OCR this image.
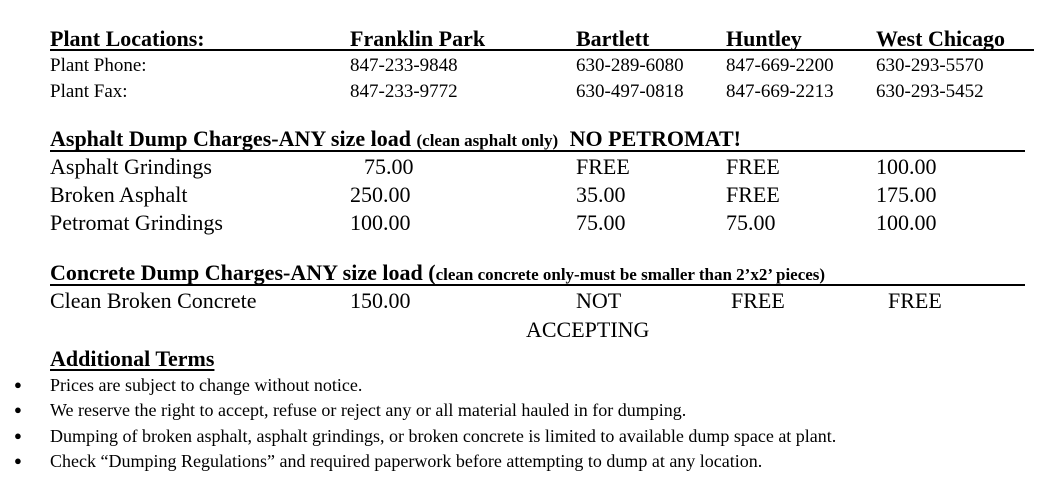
Plant Locations:	Franklin Park	Bartlett	Huntley	West Chicago
Plant Phone:	847-233-9848	630-289-6080 847-669-2200 630-293-5570
Plant Fax:	847-233-9772	630-497-0818 847-669-2213 630-293-5452
Asphalt Dump Charges-ANY size load (clean asphalt only) NO PETROMAT!
Asphalt Grindings	75.00	FREE	FREE	100.00
Broken Asphalt	250.00	35.00	FREE	175.00
Petromat Grindings	100.00	75.00	75.00	100.00
Concrete Dump Charges-ANY size load (clean concrete only-must be smaller than 2’x2’ pieces)
Clean Broken Concrete	150.00	NOT	FREE	FREE
ACCEPTING
Additional Terms
● Prices are subject to change without notice.
● We reserve the right to accept, refuse or reject any or all material hauled in for dumping.
● Dumping of broken asphalt, asphalt grindings, or broken concrete is limited to available dump space at plant.
● Check “Dumping Regulations” and required paperwork before attempting to dump at any location.
